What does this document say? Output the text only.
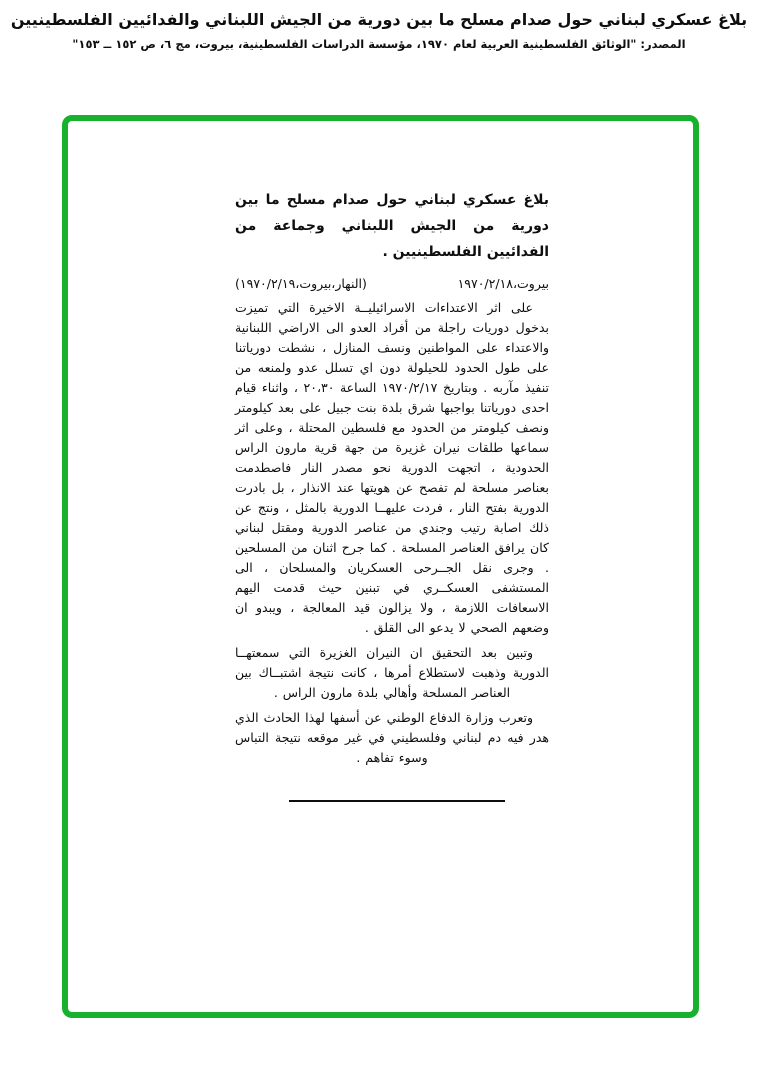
بلاغ عسكري لبناني حول صدام مسلح ما بين دورية من الجيش اللبناني والفدائيين الفلسطينيين
المصدر: "الوثائق الفلسطينية العربية لعام ١٩٧٠، مؤسسة الدراسات الفلسطينية، بيروت، مج ٦، ص ١٥٢ ــ ١٥٣"
بلاغ عسكري لبناني حول صدام مسلح ما بين دورية من الجيش اللبناني وجماعة من الفدائيين الفلسطينيين .
بيروت،١٩٧٠/٢/١٨
(النهار،بيروت،١٩٧٠/٢/١٩)

على اثر الاعتداءات الاسرائيليــة الاخيرة التي تميزت بدخول دوريات راجلة من أفراد العدو الى الاراضي اللبنانية والاعتداء على المواطنين ونسف المنازل ، نشطت دورياتنا على طول الحدود للحيلولة دون اي تسلل عدو ولمنعه من تنفيذ مآربه . وبتاريخ ١٩٧٠/٢/١٧ الساعة ٢٠،٣٠ ، واثناء قيام احدى دورياتنا بواجبها شرق بلدة بنت جبيل على بعد كيلومتر ونصف كيلومتر من الحدود مع فلسطين المحتلة ، وعلى اثر سماعها طلقات نيران غزيرة من جهة قرية مارون الراس الحدودية ، اتجهت الدورية نحو مصدر النار فاصطدمت بعناصر مسلحة لم تفصح عن هويتها عند الانذار ، بل بادرت الدورية بفتح النار ، فردت عليهــا الدورية بالمثل ، ونتج عن ذلك اصابة رتيب وجندي من عناصر الدورية ومقتل لبناني كان يرافق العناصر المسلحة . كما جرح اثنان من المسلحين . وجرى نقل الجــرحى العسكريان والمسلحان ، الى المستشفى العسكــري في تبنين حيث قدمت اليهم الاسعافات اللازمة ، ولا يزالون قيد المعالجة ، ويبدو ان وضعهم الصحي لا يدعو الى القلق .

وتبين بعد التحقيق ان النيران الغزيرة التي سمعتهــا الدورية وذهبت لاستطلاع أمرها ، كانت نتيجة اشتبــاك بين العناصر المسلحة وأهالي بلدة مارون الراس .

وتعرب وزارة الدفاع الوطني عن أسفها لهذا الحادث الذي هدر فيه دم لبناني وفلسطيني في غير موقعه نتيجة التباس وسوء تفاهم .
